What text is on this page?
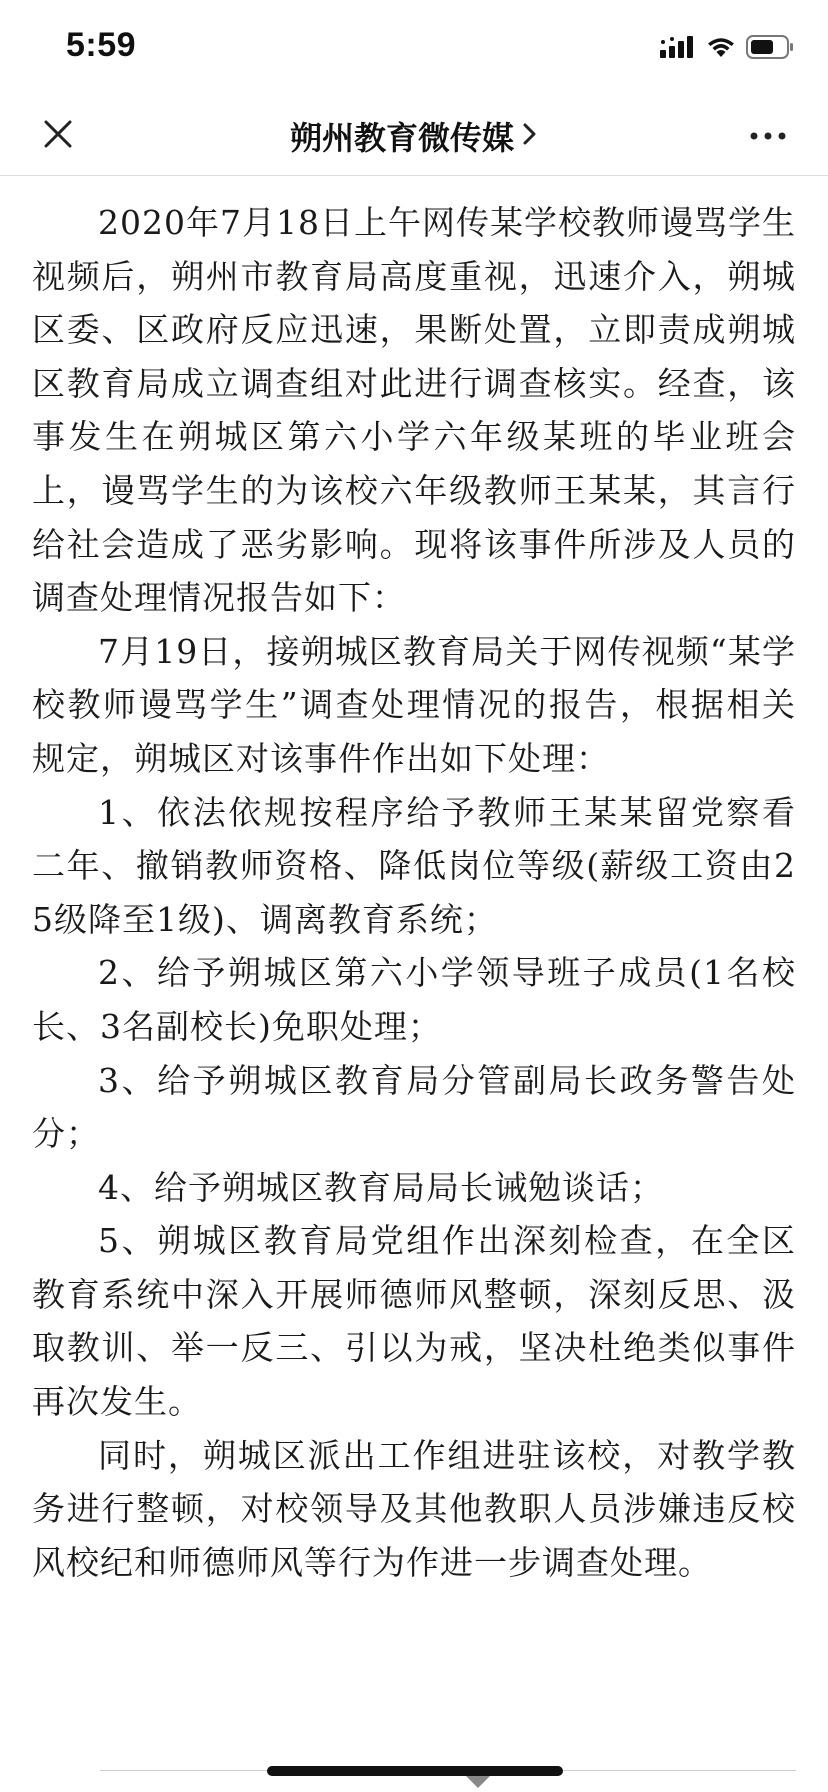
5:59
朔州教育微传媒

2020年7月18日上午网传某学校教师谩骂学生视频后，朔州市教育局高度重视，迅速介入，朔城区委、区政府反应迅速，果断处置，立即责成朔城区教育局成立调查组对此进行调查核实。经查，该事发生在朔城区第六小学六年级某班的毕业班会上，谩骂学生的为该校六年级教师王某某，其言行给社会造成了恶劣影响。现将该事件所涉及人员的调查处理情况报告如下：

7月19日，接朔城区教育局关于网传视频“某学校教师谩骂学生”调查处理情况的报告，根据相关规定，朔城区对该事件作出如下处理：

1、依法依规按程序给予教师王某某留党察看二年、撤销教师资格、降低岗位等级(薪级工资由25级降至1级)、调离教育系统；

2、给予朔城区第六小学领导班子成员(1名校长、3名副校长)免职处理；

3、给予朔城区教育局分管副局长政务警告处分；

4、给予朔城区教育局局长诫勉谈话；

5、朔城区教育局党组作出深刻检查，在全区教育系统中深入开展师德师风整顿，深刻反思、汲取教训、举一反三、引以为戒，坚决杜绝类似事件再次发生。

同时，朔城区派出工作组进驻该校，对教学教务进行整顿，对校领导及其他教职人员涉嫌违反校风校纪和师德师风等行为作进一步调查处理。
